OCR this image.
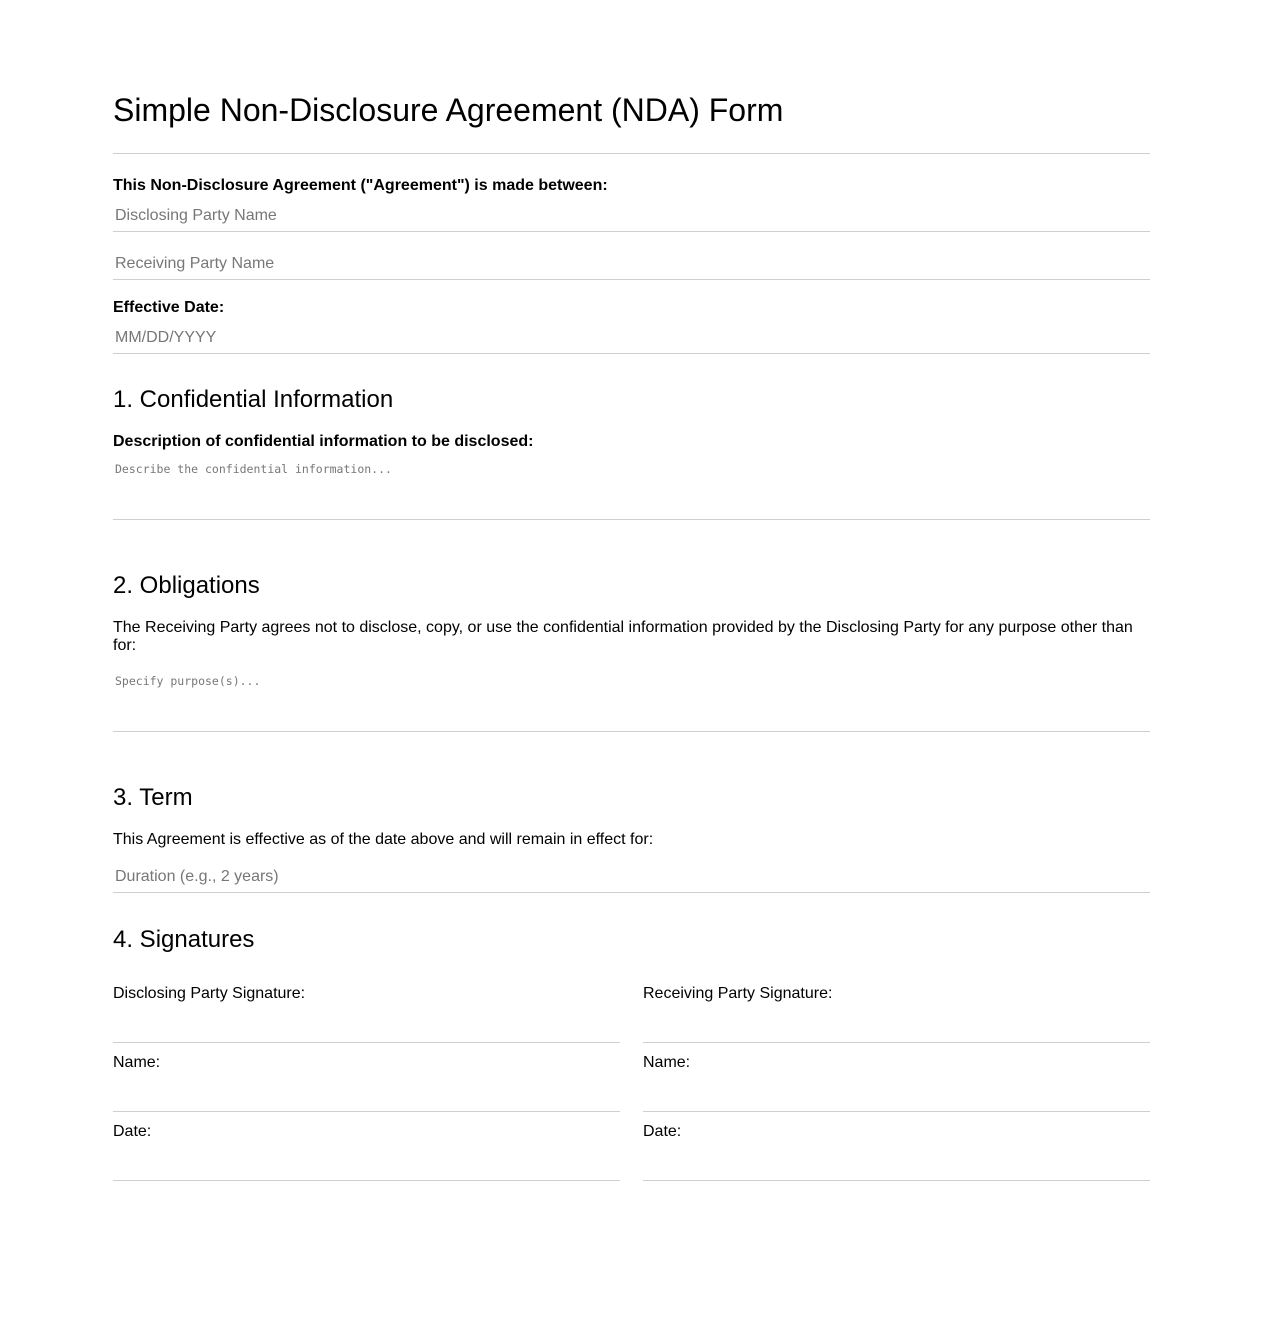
Simple Non-Disclosure Agreement (NDA) Form

This Non-Disclosure Agreement ("Agreement") is made between:

Disclosing Party Name
Receiving Party Name

Effective Date:

MM/DD/YYYY
1. Confidential Information

Description of confidential information to be disclosed:

Describe the confidential information...
2. Obligations

The Receiving Party agrees not to disclose, copy, or use the confidential information provided by the Disclosing Party for any purpose other than for:

Specify purpose(s)...
3. Term

This Agreement is effective as of the date above and will remain in effect for:

Duration (e.g., 2 years)
4. Signatures

Disclosing Party Signature:

Name:

Date:

Receiving Party Signature:

Name:

Date:
